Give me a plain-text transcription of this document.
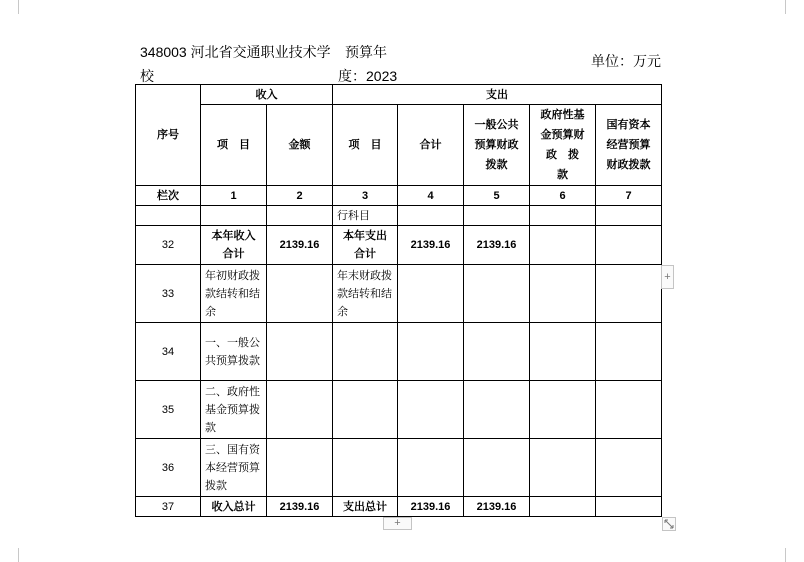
348003 河北省交通职业技术学
校
预算年
度：2023
单位：万元
序号	收入		支出				
	项　目	金额	项　目	合计	一般公共预算财政拨款	政府性基金预算财政　拨　款	国有资本经营预算财政拨款
栏次	1	2	3	4	5	6	7
			行科目				
32	本年收入合计	2139.16	本年支出合计	2139.16	2139.16		
33	年初财政拨款结转和结余		年末财政拨款结转和结余				
34	一、一般公共预算拨款						
35	二、政府性基金预算拨款						
36	三、国有资本经营预算拨款						
37	收入总计	2139.16	支出总计	2139.16	2139.16		
+
+
